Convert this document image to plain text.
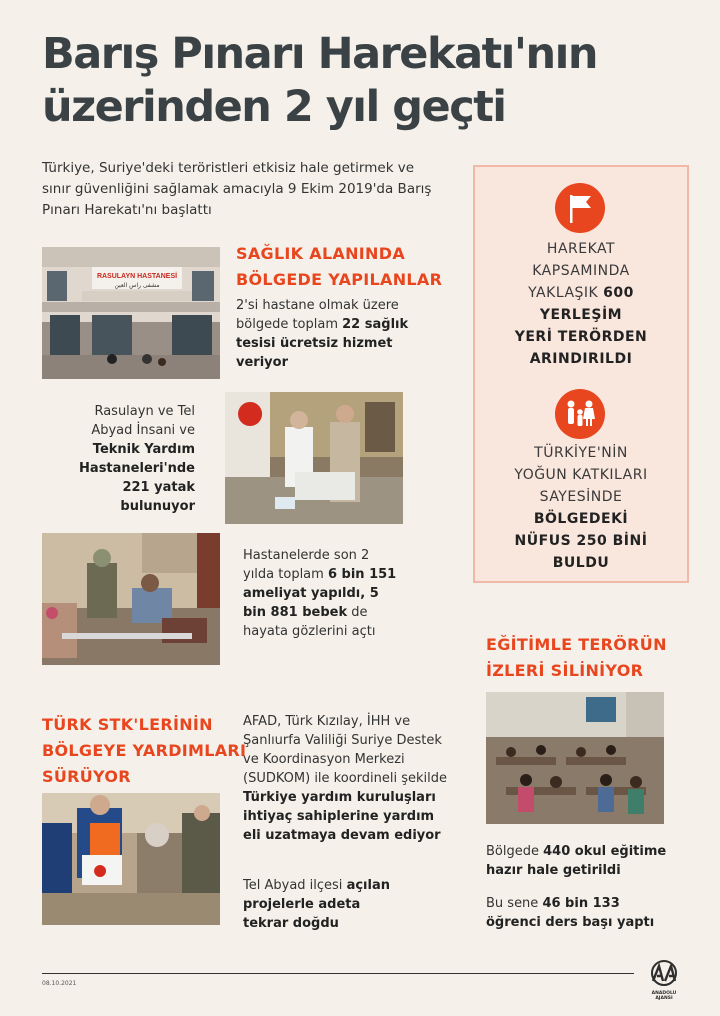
Barış Pınarı Harekatı'nın
üzerinden 2 yıl geçti
Türkiye, Suriye'deki teröristleri etkisiz hale getirmek ve sınır güvenliğini sağlamak amacıyla 9 Ekim 2019'da Barış Pınarı Harekatı'nı başlattı
SAĞLIK ALANINDA
BÖLGEDE YAPILANLAR
RASULAYN HASTANESİ
مشفى راس العين
2'si hastane olmak üzere bölgede toplam 22 sağlık tesisi ücretsiz hizmet veriyor
Rasulayn ve Tel Abyad İnsani ve Teknik Yardım Hastaneleri'nde 221 yatak bulunuyor
Hastanelerde son 2 yılda toplam 6 bin 151 ameliyat yapıldı, 5 bin 881 bebek de hayata gözlerini açtı
HAREKAT
KAPSAMINDA
YAKLAŞIK 600
YERLEŞİM
YERİ TERÖRDEN
ARINDIRILDI
TÜRKİYE'NİN
YOĞUN KATKILARI
SAYESİNDE
BÖLGEDEKİ
NÜFUS 250 BİNİ
BULDU
EĞİTİMLE TERÖRÜN
İZLERİ SİLİNİYOR
Bölgede 440 okul eğitime hazır hale getirildi
Bu sene 46 bin 133 öğrenci ders başı yaptı
TÜRK STK'LERİNİN
BÖLGEYE YARDIMLARI
SÜRÜYOR
AFAD, Türk Kızılay, İHH ve Şanlıurfa Valiliği Suriye Destek ve Koordinasyon Merkezi (SUDKOM) ile koordineli şekilde Türkiye yardım kuruluşları ihtiyaç sahiplerine yardım eli uzatmaya devam ediyor
Tel Abyad ilçesi açılan projelerle adeta tekrar doğdu
08.10.2021
ANADOLU AJANSI
